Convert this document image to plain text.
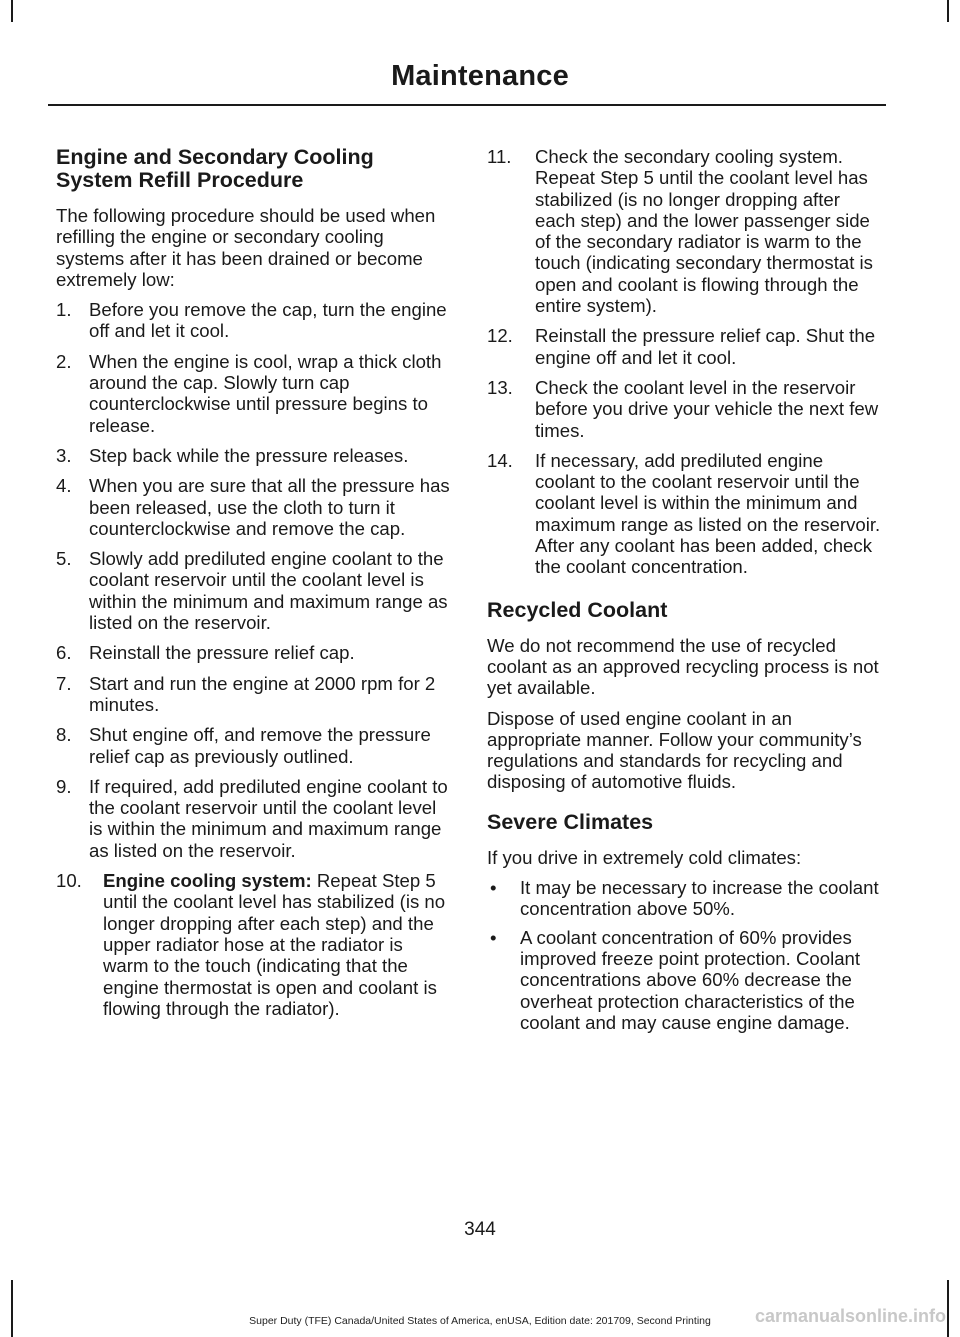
Maintenance
Engine and Secondary Cooling System Refill Procedure

The following procedure should be used when refilling the engine or secondary cooling systems after it has been drained or become extremely low:

1. Before you remove the cap, turn the engine off and let it cool.
2. When the engine is cool, wrap a thick cloth around the cap. Slowly turn cap counterclockwise until pressure begins to release.
3. Step back while the pressure releases.
4. When you are sure that all the pressure has been released, use the cloth to turn it counterclockwise and remove the cap.
5. Slowly add prediluted engine coolant to the coolant reservoir until the coolant level is within the minimum and maximum range as listed on the reservoir.
6. Reinstall the pressure relief cap.
7. Start and run the engine at 2000 rpm for 2 minutes.
8. Shut engine off, and remove the pressure relief cap as previously outlined.
9. If required, add prediluted engine coolant to the coolant reservoir until the coolant level is within the minimum and maximum range as listed on the reservoir.
10. Engine cooling system: Repeat Step 5 until the coolant level has stabilized (is no longer dropping after each step) and the upper radiator hose at the radiator is warm to the touch (indicating that the engine thermostat is open and coolant is flowing through the radiator).
11. Check the secondary cooling system. Repeat Step 5 until the coolant level has stabilized (is no longer dropping after each step) and the lower passenger side of the secondary radiator is warm to the touch (indicating secondary thermostat is open and coolant is flowing through the entire system).
12. Reinstall the pressure relief cap. Shut the engine off and let it cool.
13. Check the coolant level in the reservoir before you drive your vehicle the next few times.
14. If necessary, add prediluted engine coolant to the coolant reservoir until the coolant level is within the minimum and maximum range as listed on the reservoir. After any coolant has been added, check the coolant concentration.
Recycled Coolant

We do not recommend the use of recycled coolant as an approved recycling process is not yet available.

Dispose of used engine coolant in an appropriate manner. Follow your community’s regulations and standards for recycling and disposing of automotive fluids.

Severe Climates

If you drive in extremely cold climates:

• It may be necessary to increase the coolant concentration above 50%.
• A coolant concentration of 60% provides improved freeze point protection. Coolant concentrations above 60% decrease the overheat protection characteristics of the coolant and may cause engine damage.
344
Super Duty (TFE) Canada/United States of America, enUSA, Edition date: 201709, Second Printing	carmanualsonline.info
